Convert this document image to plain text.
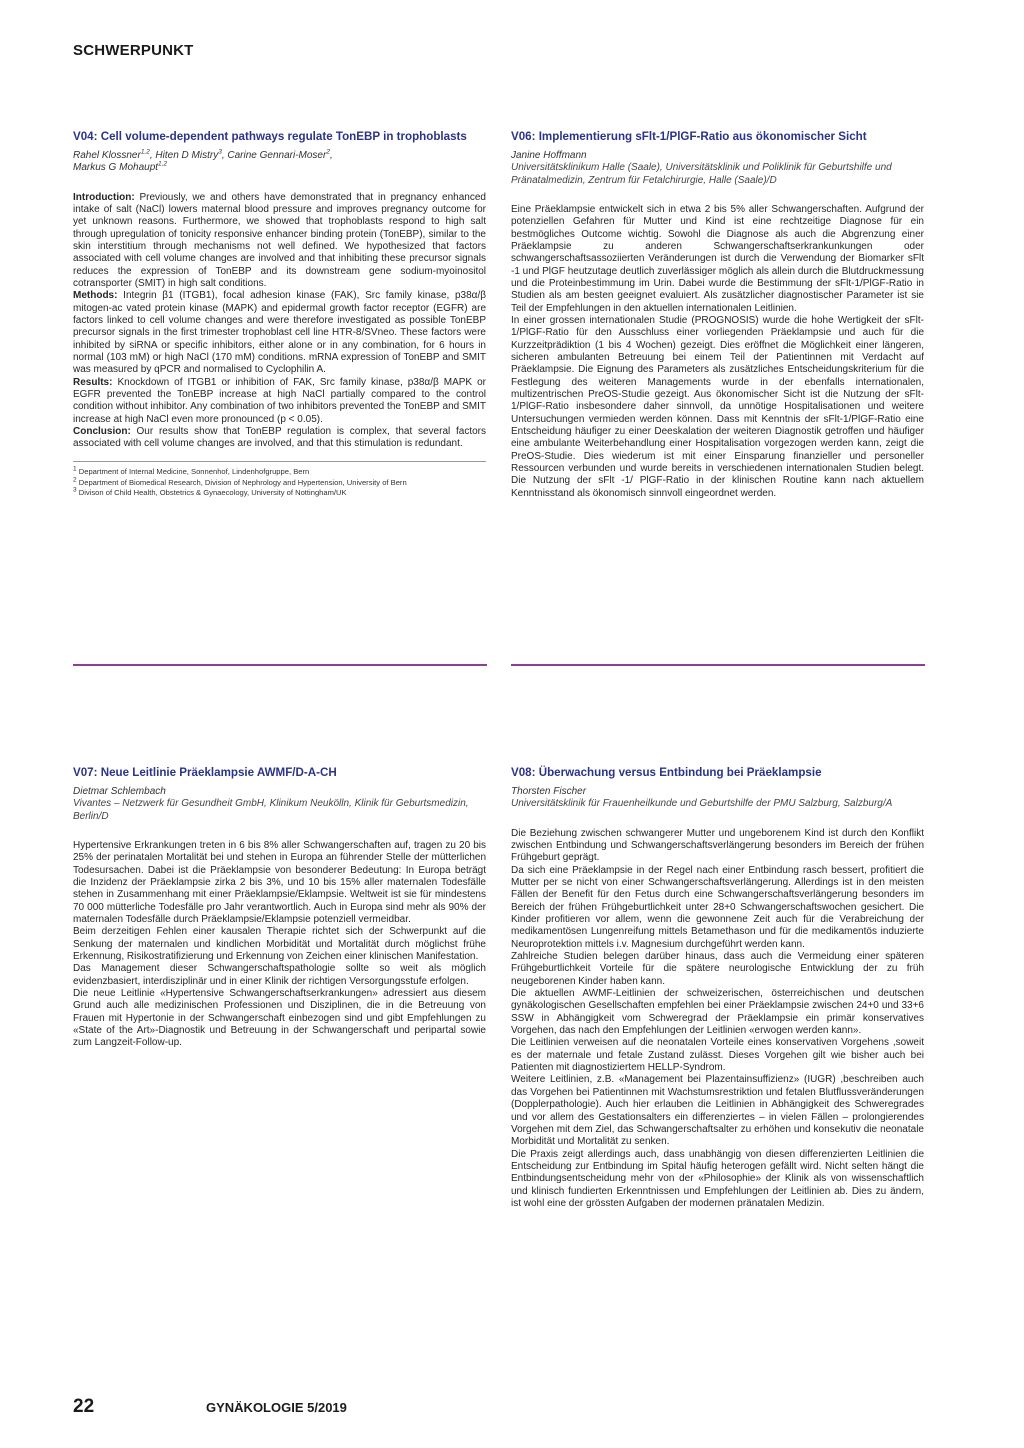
SCHWERPUNKT
V04: Cell volume-dependent pathways regulate TonEBP in trophoblasts

Rahel Klossner$^{1,2}$, Hiten D Mistry$^3$, Carine Gennari-Moser$^2$,
Markus G Mohaupt$^{1,2}$

Introduction: Previously, we and others have demonstrated that in pregnancy enhanced intake of salt (NaCl) lowers maternal blood pressure and improves pregnancy outcome for yet unknown reasons. Furthermore, we showed that trophoblasts respond to high salt through upregulation of tonicity responsive enhancer binding protein (TonEBP), similar to the skin interstitium through mechanisms not well defined. We hypothesized that factors associated with cell volume changes are involved and that inhibiting these precursor signals reduces the expression of TonEBP and its downstream gene sodium-myoinositol cotransporter (SMIT) in high salt conditions.

Methods: Integrin β1 (ITGB1), focal adhesion kinase (FAK), Src family kinase, p38α/β mitogen-ac vated protein kinase (MAPK) and epidermal growth factor receptor (EGFR) are factors linked to cell volume changes and were therefore investigated as possible TonEBP precursor signals in the first trimester trophoblast cell line HTR-8/SVneo. These factors were inhibited by siRNA or specific inhibitors, either alone or in any combination, for 6 hours in normal (103 mM) or high NaCl (170 mM) conditions. mRNA expression of TonEBP and SMIT was measured by qPCR and normalised to Cyclophilin A.

Results: Knockdown of ITGB1 or inhibition of FAK, Src family kinase, p38α/β MAPK or EGFR prevented the TonEBP increase at high NaCl partially compared to the control condition without inhibitor. Any combination of two inhibitors prevented the TonEBP and SMIT increase at high NaCl even more pronounced (p < 0.05).

Conclusion: Our results show that TonEBP regulation is complex, that several factors associated with cell volume changes are involved, and that this stimulation is redundant.

$^1$ Department of Internal Medicine, Sonnenhof, Lindenhofgruppe, Bern
$^2$ Department of Biomedical Research, Division of Nephrology and Hypertension, University of Bern
$^3$ Divison of Child Health, Obstetrics & Gynaecology, University of Nottingham/UK
V06: Implementierung sFlt-1/PlGF-Ratio aus ökonomischer Sicht

Janine Hoffmann

Universitätsklinikum Halle (Saale), Universitätsklinik und Poliklinik für Geburtshilfe und Pränatalmedizin, Zentrum für Fetalchirurgie, Halle (Saale)/D

Eine Präeklampsie entwickelt sich in etwa 2 bis 5% aller Schwangerschaften. Aufgrund der potenziellen Gefahren für Mutter und Kind ist eine rechtzeitige Diagnose für ein bestmögliches Outcome wichtig. Sowohl die Diagnose als auch die Abgrenzung einer Präeklampsie zu anderen Schwangerschaftserkrankunkungen oder schwangerschaftsassoziierten Veränderungen ist durch die Verwendung der Biomarker sFlt -1 und PlGF heutzutage deutlich zuverlässiger möglich als allein durch die Blutdruckmessung und die Proteinbestimmung im Urin. Dabei wurde die Bestimmung der sFlt-1/PlGF-Ratio in Studien als am besten geeignet evaluiert. Als zusätzlicher diagnostischer Parameter ist sie Teil der Empfehlungen in den aktuellen internationalen Leitlinien.

In einer grossen internationalen Studie (PROGNOSIS) wurde die hohe Wertigkeit der sFlt-1/PlGF-Ratio für den Ausschluss einer vorliegenden Präeklampsie und auch für die Kurzzeitprädiktion (1 bis 4 Wochen) gezeigt. Dies eröffnet die Möglichkeit einer längeren, sicheren ambulanten Betreuung bei einem Teil der Patientinnen mit Verdacht auf Präeklampsie. Die Eignung des Parameters als zusätzliches Entscheidungskriterium für die Festlegung des weiteren Managements wurde in der ebenfalls internationalen, multizentrischen PreOS-Studie gezeigt. Aus ökonomischer Sicht ist die Nutzung der sFlt-1/PlGF-Ratio insbesondere daher sinnvoll, da unnötige Hospitalisationen und weitere Untersuchungen vermieden werden können. Dass mit Kenntnis der sFlt-1/PlGF-Ratio eine Entscheidung häufiger zu einer Deeskalation der weiteren Diagnostik getroffen und häufiger eine ambulante Weiterbehandlung einer Hospitalisation vorgezogen werden kann, zeigt die PreOS-Studie. Dies wiederum ist mit einer Einsparung finanzieller und personeller Ressourcen verbunden und wurde bereits in verschiedenen internationalen Studien belegt. Die Nutzung der sFlt -1/ PlGF-Ratio in der klinischen Routine kann nach aktuellem Kenntnisstand als ökonomisch sinnvoll eingeordnet werden.

V07: Neue Leitlinie Präeklampsie AWMF/D-A-CH

Dietmar Schlembach

Vivantes – Netzwerk für Gesundheit GmbH, Klinikum Neukölln, Klinik für Geburtsmedizin, Berlin/D

Hypertensive Erkrankungen treten in 6 bis 8% aller Schwangerschaften auf, tragen zu 20 bis 25% der perinatalen Mortalität bei und stehen in Europa an führender Stelle der mütterlichen Todesursachen. Dabei ist die Präeklampsie von besonderer Bedeutung: In Europa beträgt die Inzidenz der Präeklampsie zirka 2 bis 3%, und 10 bis 15% aller maternalen Todesfälle stehen in Zusammenhang mit einer Präeklampsie/Eklampsie. Weltweit ist sie für mindestens 70 000 mütterliche Todesfälle pro Jahr verantwortlich. Auch in Europa sind mehr als 90% der maternalen Todesfälle durch Präeklampsie/Eklampsie potenziell vermeidbar.

Beim derzeitigen Fehlen einer kausalen Therapie richtet sich der Schwerpunkt auf die Senkung der maternalen und kindlichen Morbidität und Mortalität durch möglichst frühe Erkennung, Risikostratifizierung und Erkennung von Zeichen einer klinischen Manifestation.

Das Management dieser Schwangerschaftspathologie sollte so weit als möglich evidenzbasiert, interdisziplinär und in einer Klinik der richtigen Versorgungsstufe erfolgen.

Die neue Leitlinie «Hypertensive Schwangerschaftserkrankungen» adressiert aus diesem Grund auch alle medizinischen Professionen und Disziplinen, die in die Betreuung von Frauen mit Hypertonie in der Schwangerschaft einbezogen sind und gibt Empfehlungen zu «State of the Art»-Diagnostik und Betreuung in der Schwangerschaft und peripartal sowie zum Langzeit-Follow-up.

V08: Überwachung versus Entbindung bei Präeklampsie

Thorsten Fischer

Universitätsklinik für Frauenheilkunde und Geburtshilfe der PMU Salzburg, Salzburg/A

Die Beziehung zwischen schwangerer Mutter und ungeborenem Kind ist durch den Konflikt zwischen Entbindung und Schwangerschaftsverlängerung besonders im Bereich der frühen Frühgeburt geprägt.

Da sich eine Präeklampsie in der Regel nach einer Entbindung rasch bessert, profitiert die Mutter per se nicht von einer Schwangerschaftsverlängerung. Allerdings ist in den meisten Fällen der Benefit für den Fetus durch eine Schwangerschaftsverlängerung besonders im Bereich der frühen Frühgeburtlichkeit unter 28+0 Schwangerschaftswochen gesichert. Die Kinder profitieren vor allem, wenn die gewonnene Zeit auch für die Verabreichung der medikamentösen Lungenreifung mittels Betamethason und für die medikamentös induzierte Neuroprotektion mittels i.v. Magnesium durchgeführt werden kann.

Zahlreiche Studien belegen darüber hinaus, dass auch die Vermeidung einer späteren Frühgeburtlichkeit Vorteile für die spätere neurologische Entwicklung der zu früh neugeborenen Kinder haben kann.

Die aktuellen AWMF-Leitlinien der schweizerischen, österreichischen und deutschen gynäkologischen Gesellschaften empfehlen bei einer Präeklampsie zwischen 24+0 und 33+6 SSW in Abhängigkeit vom Schweregrad der Präeklampsie ein primär konservatives Vorgehen, das nach den Empfehlungen der Leitlinien «erwogen werden kann».

Die Leitlinien verweisen auf die neonatalen Vorteile eines konservativen Vorgehens ,soweit es der maternale und fetale Zustand zulässt. Dieses Vorgehen gilt wie bisher auch bei Patienten mit diagnostiziertem HELLP-Syndrom.

Weitere Leitlinien, z.B. «Management bei Plazentainsuffizienz» (IUGR) ,beschreiben auch das Vorgehen bei Patientinnen mit Wachstumsrestriktion und fetalen Blutflussveränderungen (Dopplerpathologie). Auch hier erlauben die Leitlinien in Abhängigkeit des Schweregrades und vor allem des Gestationsalters ein differenziertes – in vielen Fällen – prolongierendes Vorgehen mit dem Ziel, das Schwangerschaftsalter zu erhöhen und konsekutiv die neonatale Morbidität und Mortalität zu senken.

Die Praxis zeigt allerdings auch, dass unabhängig von diesen differenzierten Leitlinien die Entscheidung zur Entbindung im Spital häufig heterogen gefällt wird. Nicht selten hängt die Entbindungsentscheidung mehr von der «Philosophie» der Klinik als von wissenschaftlich und klinisch fundierten Erkenntnissen und Empfehlungen der Leitlinien ab. Dies zu ändern, ist wohl eine der grössten Aufgaben der modernen pränatalen Medizin.

22	GYNÄKOLOGIE 5/2019
